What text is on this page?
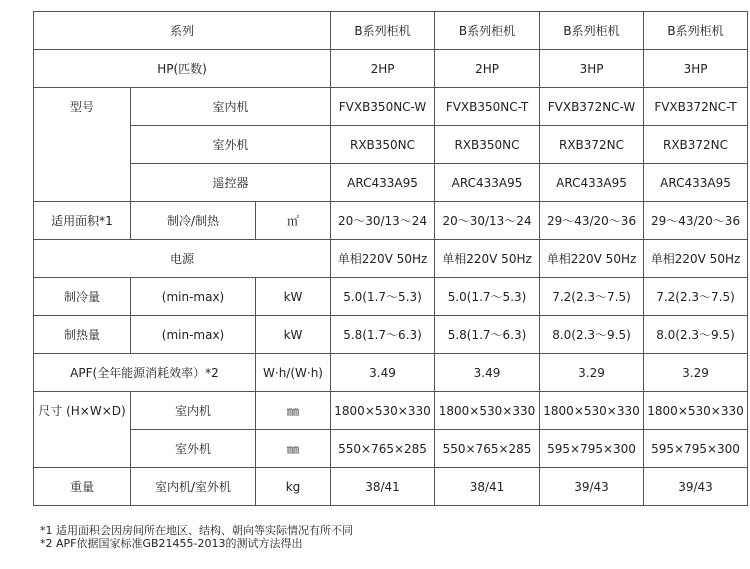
系列			B系列柜机	B系列柜机	B系列柜机	B系列柜机
HP(匹数)			2HP	2HP	3HP	3HP
型号	室内机		FVXB350NC-W	FVXB350NC-T	FVXB372NC-W	FVXB372NC-T
	室外机		RXB350NC	RXB350NC	RXB372NC	RXB372NC
	遥控器		ARC433A95	ARC433A95	ARC433A95	ARC433A95
适用面积*1	制冷/制热	㎡	20～30/13～24	20～30/13～24	29～43/20～36	29～43/20～36
电源			单相220V 50Hz	单相220V 50Hz	单相220V 50Hz	单相220V 50Hz
制冷量	(min-max)	kW	5.0(1.7～5.3)	5.0(1.7～5.3)	7.2(2.3～7.5)	7.2(2.3～7.5)
制热量	(min-max)	kW	5.8(1.7～6.3)	5.8(1.7～6.3)	8.0(2.3～9.5)	8.0(2.3～9.5)
APF(全年能源消耗效率）*2		W·h/(W·h)	3.49	3.49	3.29	3.29
尺寸 (H×W×D)	室内机	㎜	1800×530×330	1800×530×330	1800×530×330	1800×530×330
	室外机	㎜	550×765×285	550×765×285	595×795×300	595×795×300
重量	室内机/室外机	kg	38/41	38/41	39/43	39/43
*1 适用面积会因房间所在地区、结构、朝向等实际情况有所不同
*2 APF依据国家标准GB21455-2013的测试方法得出
